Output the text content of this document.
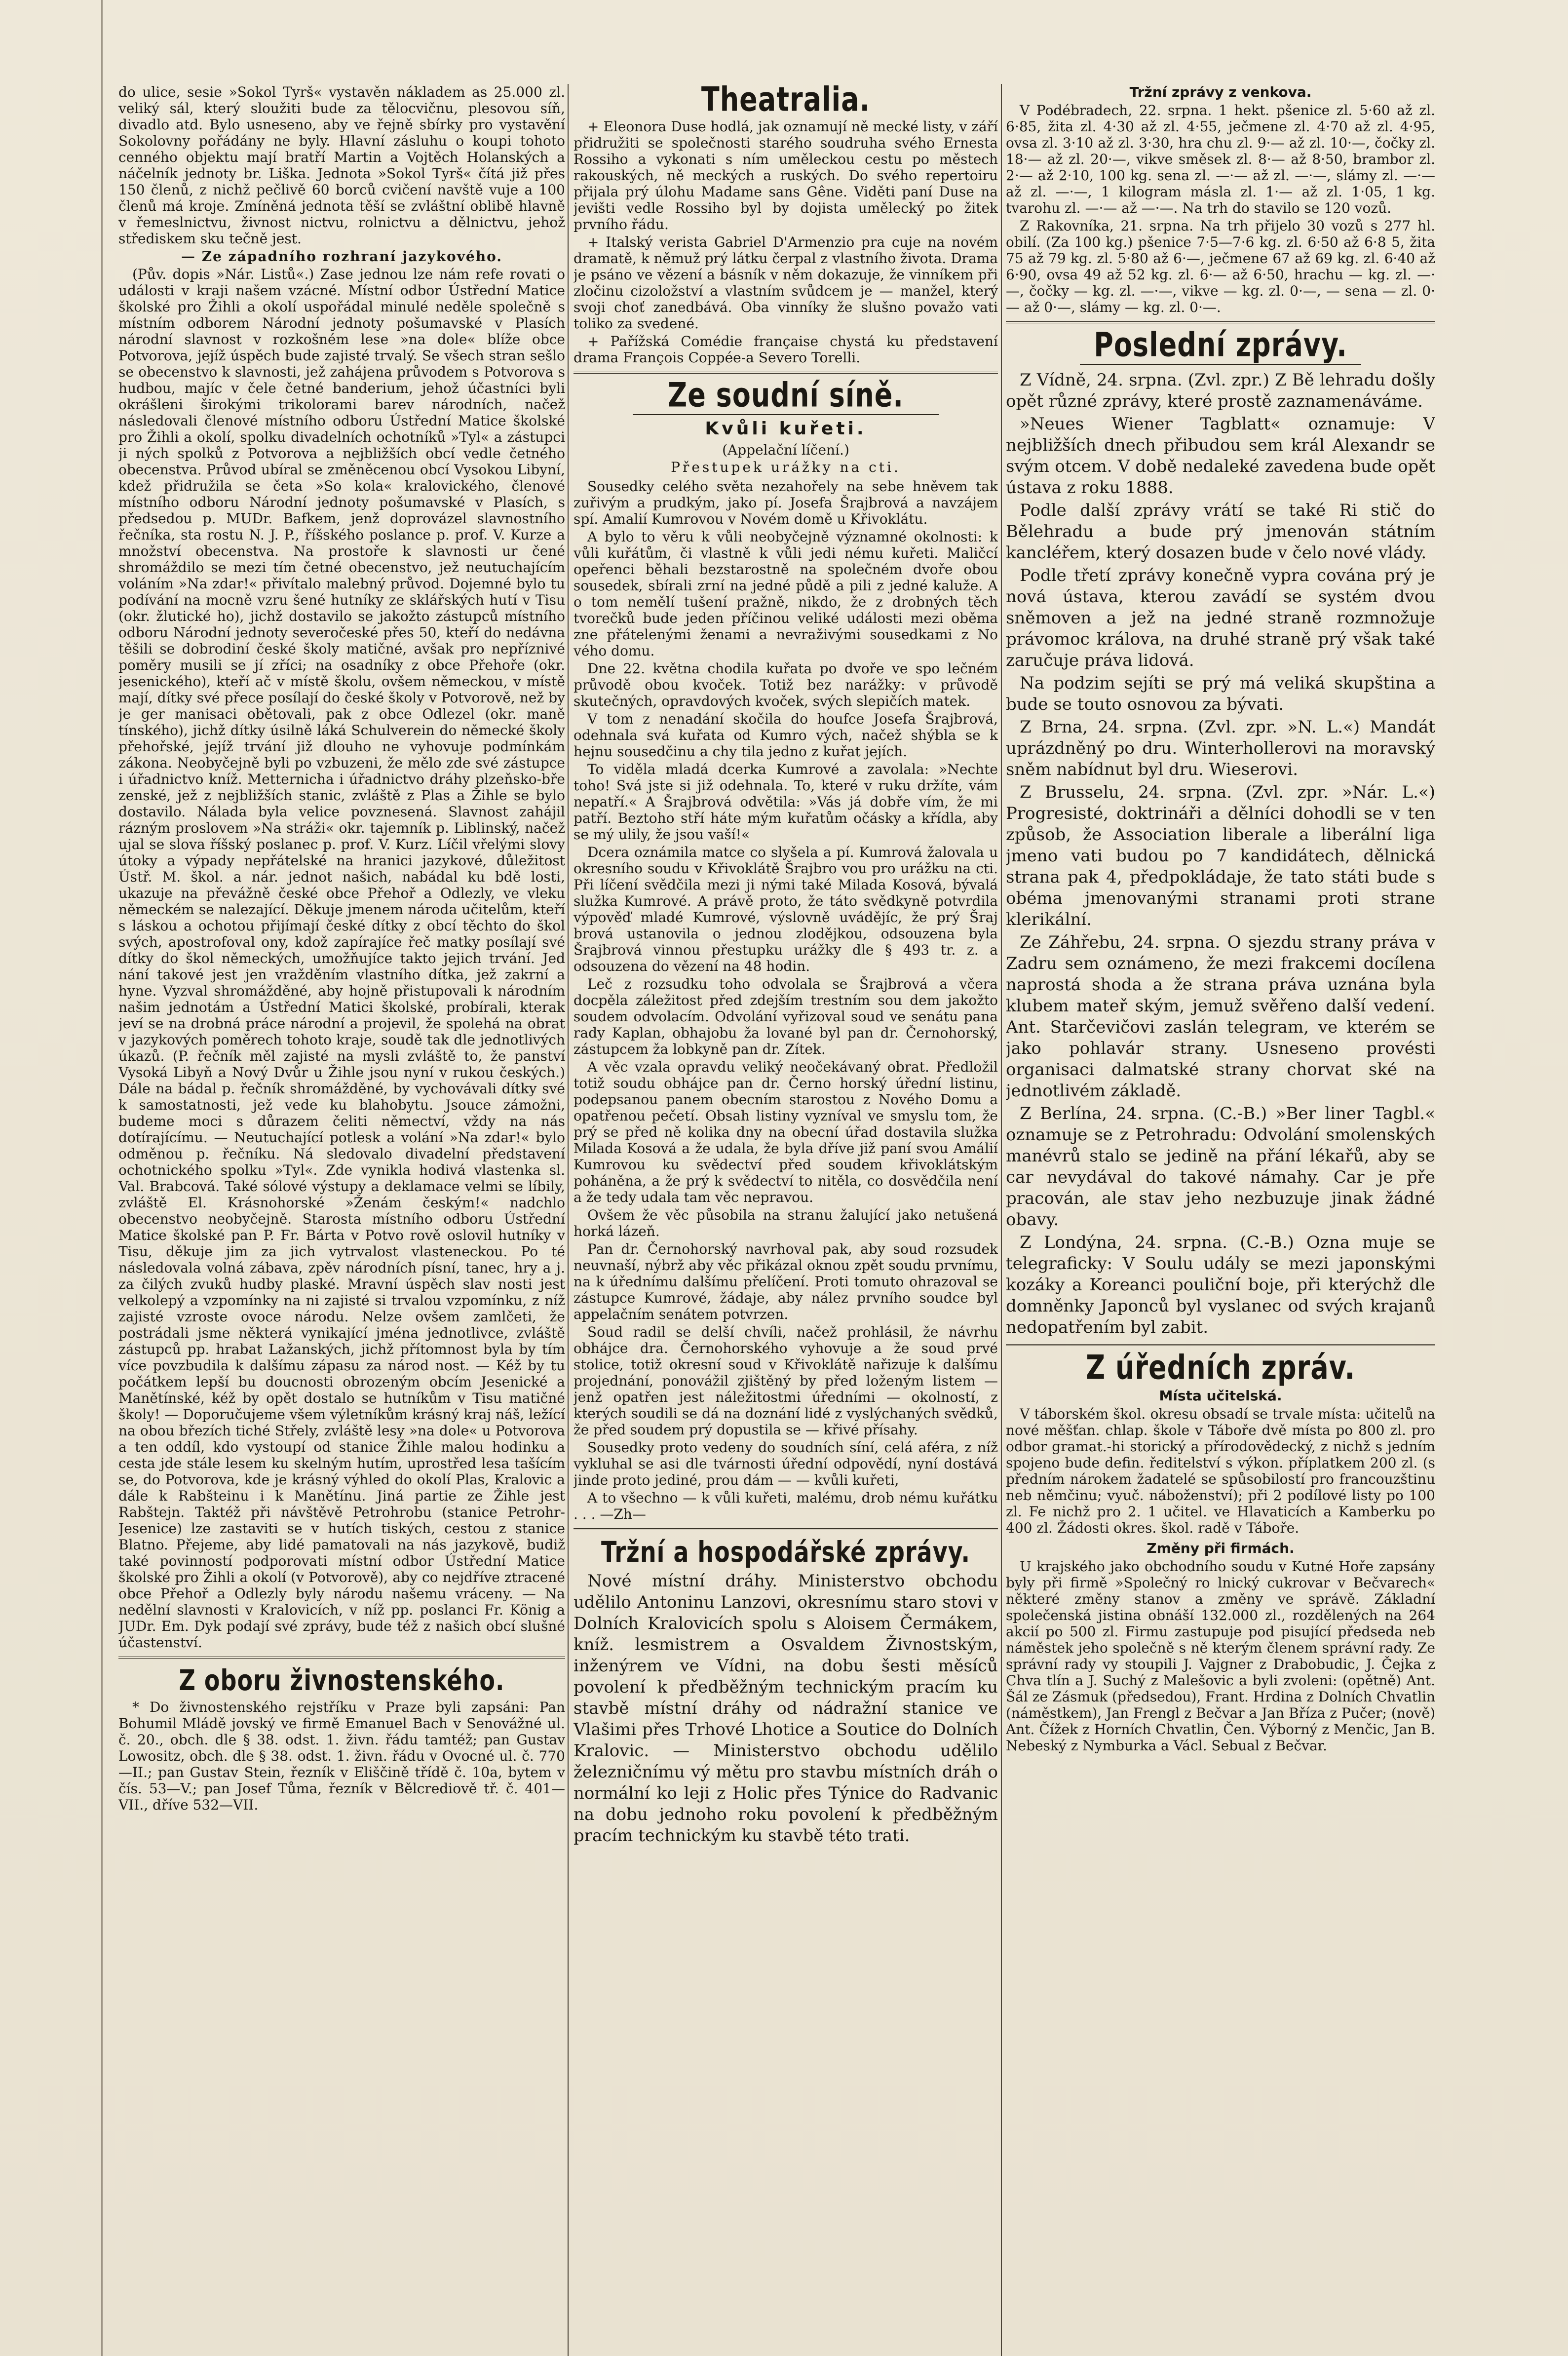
do ulice, sesie »Sokol Tyrš« vystavěn nákladem as 25.000 zl. veliký sál, který sloužiti bude za tělocvičnu, plesovou síň, divadlo atd. Bylo usneseno, aby ve řejně sbírky pro vystavění Sokolovny pořádány ne byly. Hlavní zásluhu o koupi tohoto cenného objektu mají bratří Martin a Vojtěch Holanských a náčelník jednoty br. Liška. Jednota »Sokol Tyrš« čítá již přes 150 členů, z nichž pečlivě 60 borců cvičení navště vuje a 100 členů má kroje. Zmíněná jednota těší se zvláštní oblibě hlavně v řemeslnictvu, živnost nictvu, rolnictvu a dělnictvu, jehož střediskem sku tečně jest.

— Ze západního rozhraní jazykového.

(Pův. dopis »Nár. Listů«.) Zase jednou lze nám refe rovati o události v kraji našem vzácné. Místní odbor Ústřední Matice školské pro Žihli a okolí uspořádal minulé neděle společně s místním odborem Národní jednoty pošumavské v Plasích národní slavnost v rozkošném lese »na dole« blíže obce Potvorova, jejíž úspěch bude zajisté trvalý. Se všech stran sešlo se obecenstvo k slavnosti, jež zahájena průvodem s Potvorova s hudbou, majíc v čele četné banderium, jehož účastníci byli okrášleni širokými trikolorami barev národních, načež následovali členové místního odboru Ústřední Matice školské pro Žihli a okolí, spolku divadelních ochotníků »Tyl« a zástupci ji ných spolků z Potvorova a nejbližších obcí vedle četného obecenstva. Průvod ubíral se změněcenou obcí Vysokou Libyní, kdež přidružila se četa »So kola« kralovického, členové místního odboru Národní jednoty pošumavské v Plasích, s předsedou p. MUDr. Bafkem, jenž doprovázel slavnostního řečníka, sta rostu N. J. P., říšského poslance p. prof. V. Kurze a množství obecenstva. Na prostoře k slavnosti ur čené shromáždilo se mezi tím četné obecenstvo, jež neutuchajícím voláním »Na zdar!« přivítalo malebný průvod. Dojemné bylo tu podívání na mocně vzru šené hutníky ze sklářských hutí v Tisu (okr. žlutické ho), jichž dostavilo se jakožto zástupců místního odboru Národní jednoty severočeské přes 50, kteří do nedávna těšili se dobrodiní české školy matičné, avšak pro nepříznivé poměry musili se jí zříci; na osadníky z obce Přehoře (okr. jesenického), kteří ač v místě školu, ovšem německou, v místě mají, dítky své přece posílají do české školy v Potvorově, než by je ger manisaci obětovali, pak z obce Odlezel (okr. maně tínského), jichž dítky úsilně láká Schulverein do německé školy přehořské, jejíž trvání již dlouho ne vyhovuje podmínkám zákona. Neobyčejně byli po vzbuzeni, že mělo zde své zástupce i úřadnictvo kníž. Metternicha i úřadnictvo dráhy plzeňsko-bře zenské, jež z nejbližších stanic, zvláště z Plas a Žihle se bylo dostavilo. Nálada byla velice povznesená. Slavnost zahájil rázným proslovem »Na stráži« okr. tajemník p. Liblinský, načež ujal se slova říšský poslanec p. prof. V. Kurz. Líčil vřelými slovy útoky a výpady nepřátelské na hranici jazykové, důležitost Ústř. M. škol. a nár. jednot našich, nabádal ku bdě losti, ukazuje na převážně české obce Přehoř a Odlezly, ve vleku německém se nalezající. Děkuje jmenem národa učitelům, kteří s láskou a ochotou přijímají české dítky z obcí těchto do škol svých, apostrofoval ony, kdož zapírajíce řeč matky posílají své dítky do škol německých, umožňujíce takto jejich trvání. Jed nání takové jest jen vražděním vlastního dítka, jež zakrní a hyne. Vyzval shromážděné, aby hojně přistupovali k národním našim jednotám a Ústřední Matici školské, probírali, kterak jeví se na drobná práce národní a projevil, že spolehá na obrat v jazykových poměrech tohoto kraje, soudě tak dle jednotlivých úkazů. (P. řečník měl zajisté na mysli zvláště to, že panství Vysoká Libyň a Nový Dvůr u Žihle jsou nyní v rukou českých.) Dále na bádal p. řečník shromážděné, by vychovávali dítky své k samostatnosti, jež vede ku blahobytu. Jsouce zámožni, budeme moci s důrazem čeliti němectví, vždy na nás dotírajícímu. — Neutuchající potlesk a volání »Na zdar!« bylo odměnou p. řečníku. Ná sledovalo divadelní představení ochotnického spolku »Tyl«. Zde vynikla hodivá vlastenka sl. Val. Brabcová. Také sólové výstupy a deklamace velmi se líbily, zvláště El. Krásnohorské »Ženám českým!« nadchlo obecenstvo neobyčejně. Starosta místního odboru Ústřední Matice školské pan P. Fr. Bárta v Potvo rově oslovil hutníky v Tisu, děkuje jim za jich vytrvalost vlasteneckou. Po té následovala volná zábava, zpěv národních písní, tanec, hry a j. za čilých zvuků hudby plaské. Mravní úspěch slav nosti jest velkolepý a vzpomínky na ni zajisté si trvalou vzpomínku, z níž zajisté vzroste ovoce národu. Nelze ovšem zamlčeti, že postrádali jsme některá vynikající jména jednotlivce, zvláště zástupců pp. hrabat Lažanských, jichž přítomnost byla by tím více povzbudila k dalšímu zápasu za národ nost. — Kéž by tu počátkem lepší bu doucnosti obrozeným obcím Jesenické a Manětínské, kéž by opět dostalo se hutníkům v Tisu matičné školy! — Doporučujeme všem výletníkům krásný kraj náš, ležící na obou březích tiché Střely, zvláště lesy »na dole« u Potvorova a ten oddíl, kdo vystoupí od stanice Žihle malou hodinku a cesta jde stále lesem ku skelným hutím, uprostřed lesa tašícím se, do Potvorova, kde je krásný výhled do okolí Plas, Kralovic a dále k Rabšteinu i k Manětínu. Jiná partie ze Žihle jest Rabštejn. Taktéž při návštěvě Petrohrobu (stanice Petrohr-Jesenice) lze zastaviti se v hutích tiských, cestou z stanice Blatno. Přejeme, aby lidé pamatovali na nás jazykově, budiž také povinností podporovati místní odbor Ústřední Matice školské pro Žihli a okolí (v Potvorově), aby co nejdříve ztracené obce Přehoř a Odlezly byly národu našemu vráceny. — Na nedělní slavnosti v Kralovicích, v níž pp. poslanci Fr. König a JUDr. Em. Dyk podají své zprávy, bude též z našich obcí slušné účastenství.

Z oboru živnostenského.

* Do živnostenského rejstříku v Praze byli zapsáni: Pan Bohumil Mládě jovský ve firmě Emanuel Bach v Senovážné ul. č. 20., obch. dle § 38. odst. 1. živn. řádu tamtéž; pan Gustav Lowositz, obch. dle § 38. odst. 1. živn. řádu v Ovocné ul. č. 770—II.; pan Gustav Stein, řezník v Eliščině třídě č. 10a, bytem v čís. 53—V.; pan Josef Tůma, řezník v Bělcrediově tř. č. 401—VII., dříve 532—VII.

Theatralia.

+ Eleonora Duse hodlá, jak oznamují ně mecké listy, v září přidružiti se společnosti starého soudruha svého Ernesta Rossiho a vykonati s ním uměleckou cestu po městech rakouských, ně meckých a ruských. Do svého repertoiru přijala prý úlohu Madame sans Gêne. Viděti paní Duse na jevišti vedle Rossiho byl by dojista umělecký po žitek prvního řádu.

+ Italský verista Gabriel D'Armenzio pra cuje na novém dramatě, k němuž prý látku čerpal z vlastního života. Drama je psáno ve vězení a básník v něm dokazuje, že vinníkem při zločinu cizoložství a vlastním svůdcem je — manžel, který svoji choť zanedbává. Oba vinníky že slušno považo vati toliko za svedené.

+ Pařížská Comédie française chystá ku představení drama François Coppée-a Severo Torelli.

Ze soudní síně.
Kvůli kuřeti.
(Appelační líčení.)
Přestupek urážky na cti.

Sousedky celého světa nezahořely na sebe hněvem tak zuřivým a prudkým, jako pí. Josefa Šrajbrová a navzájem spí. Amalií Kumrovou v Novém domě u Křivoklátu.

A bylo to věru k vůli neobyčejně významné okolnosti: k vůli kuřátům, či vlastně k vůli jedi nému kuřeti. Maličcí opeřenci běhali bezstarostně na společném dvoře obou sousedek, sbírali zrní na jedné půdě a pili z jedné kaluže. A o tom nemělí tušení pražně, nikdo, že z drobných těch tvorečků bude jeden příčinou veliké události mezi oběma zne přátelenými ženami a nevraživými sousedkami z No vého domu.

Dne 22. května chodila kuřata po dvoře ve spo lečném průvodě obou kvoček. Totiž bez narážky: v průvodě skutečných, opravdových kvoček, svých slepičích matek.

V tom z nenadání skočila do houfce Josefa Šrajbrová, odehnala svá kuřata od Kumro vých, načež shýbla se k hejnu sousedčinu a chy tila jedno z kuřat jejích.

To viděla mladá dcerka Kumrové a zavolala: »Nechte toho! Svá jste si již odehnala. To, které v ruku držíte, vám nepatří.« A Šrajbrová odvětila: »Vás já dobře vím, že mi patří. Beztoho stří háte mým kuřatům očásky a křídla, aby se mý ulily, že jsou vaší!«

Dcera oznámila matce co slyšela a pí. Kumrová žalovala u okresního soudu v Křivoklátě Šrajbro vou pro urážku na cti. Při líčení svědčila mezi ji nými také Milada Kosová, bývalá služka Kumrové. A právě proto, že táto svědkyně potvrdila výpověď mladé Kumrové, výslovně uvádějíc, že prý Šraj brová ustanovila o jednou zlodějkou, odsouzena byla Šrajbrová vinnou přestupku urážky dle § 493 tr. z. a odsouzena do vězení na 48 hodin.

Leč z rozsudku toho odvolala se Šrajbrová a včera docpěla záležitost před zdejším trestním sou dem jakožto soudem odvolacím. Odvolání vyřizoval soud ve senátu pana rady Kaplan, obhajobu ža lované byl pan dr. Černohorský, zástupcem ža lobkyně pan dr. Zítek.

A věc vzala opravdu veliký neočekávaný obrat. Předložil totiž soudu obhájce pan dr. Černo horský úřední listinu, podepsanou panem obecním starostou z Nového Domu a opatřenou pečetí. Obsah listiny vyzníval ve smyslu tom, že prý se před ně kolika dny na obecní úřad dostavila služka Milada Kosová a že udala, že byla dříve již paní svou Amálií Kumrovou ku svědectví před soudem křivoklátským poháněna, a že prý k svědectví to nitěla, co dosvědčila není a že tedy udala tam věc nepravou.

Ovšem že věc působila na stranu žalující jako netušená horká lázeň.

Pan dr. Černohorský navrhoval pak, aby soud rozsudek neuvnaší, nýbrž aby věc přikázal oknou zpět soudu prvnímu, na k úřednímu dalšímu přelíčení. Proti tomuto ohrazoval se zástupce Kumrové, žádaje, aby nález prvního soudce byl appelačním senátem potvrzen.

Soud radil se delší chvíli, načež prohlásil, že návrhu obhájce dra. Černohorského vyhovuje a že soud prvé stolice, totiž okresní soud v Křivoklátě nařizuje k dalšímu projednání, ponovážil zjištěný by před loženým listem — jenž opatřen jest náležitostmi úředními — okolností, z kterých soudili se dá na doznání lidé z vyslýchaných svědků, že před soudem prý dopustila se — křivé přísahy.

Sousedky proto vedeny do soudních síní, celá aféra, z níž vykluhal se asi dle tvárnosti úřední odpovědí, nyní dostává jinde proto jediné, prou dám — — kvůli kuřeti,

A to všechno — k vůli kuřeti, malému, drob nému kuřátku . . . —Zh—

Tržní a hospodářské zprávy.

Nové místní dráhy. Ministerstvo obchodu udělilo Antoninu Lanzovi, okresnímu staro stovi v Dolních Kralovicích spolu s Aloisem Čermákem, kníž. lesmistrem a Osvaldem Živnostským, inženýrem ve Vídni, na dobu šesti měsíců povolení k předběžným technickým pracím ku stavbě místní dráhy od nádražní stanice ve Vlašimi přes Trhové Lhotice a Soutice do Dolních Kralovic. — Ministerstvo obchodu udělilo železničnímu vý mětu pro stavbu místních dráh o normální ko leji z Holic přes Týnice do Radvanic na dobu jednoho roku povolení k předběžným pracím technickým ku stavbě této trati.

Tržní zprávy z venkova.

V Podébradech, 22. srpna. 1 hekt. pšenice zl. 5·60 až zl. 6·85, žita zl. 4·30 až zl. 4·55, ječmene zl. 4·70 až zl. 4·95, ovsa zl. 3·10 až zl. 3·30, hra chu zl. 9·— až zl. 10·—, čočky zl. 18·— až zl. 20·—, vikve směsek zl. 8·— až 8·50, brambor zl. 2·— až 2·10, 100 kg. sena zl. —·— až zl. —·—, slámy zl. —·— až zl. —·—, 1 kilogram másla zl. 1·— až zl. 1·05, 1 kg. tvarohu zl. —·— až —·—. Na trh do stavilo se 120 vozů.

Z Rakovníka, 21. srpna. Na trh přijelo 30 vozů s 277 hl. obilí. (Za 100 kg.) pšenice 7·5—7·6 kg. zl. 6·50 až 6·8 5, žita 75 až 79 kg. zl. 5·80 až 6·—, ječmene 67 až 69 kg. zl. 6·40 až 6·90, ovsa 49 až 52 kg. zl. 6·— až 6·50, hrachu — kg. zl. —·—, čočky — kg. zl. —·—, vikve — kg. zl. 0·—, — sena — zl. 0·— až 0·—, slámy — kg. zl. 0·—.

Poslední zprávy.

Z Vídně, 24. srpna. (Zvl. zpr.) Z Bě lehradu došly opět různé zprávy, které prostě zaznamenáváme.

»Neues Wiener Tagblatt« oznamuje: V nejbližších dnech přibudou sem král Alexandr se svým otcem. V době nedaleké zavedena bude opět ústava z roku 1888.

Podle další zprávy vrátí se také Ri stič do Bělehradu a bude prý jmenován státním kancléřem, který dosazen bude v čelo nové vlády.

Podle třetí zprávy konečně vypra cována prý je nová ústava, kterou zavádí se systém dvou sněmoven a jež na jedné straně rozmnožuje právomoc králova, na druhé straně prý však také zaručuje práva lidová.

Na podzim sejíti se prý má veliká skupština a bude se touto osnovou za bývati.

Z Brna, 24. srpna. (Zvl. zpr. »N. L.«) Mandát uprázdněný po dru. Winterhollerovi na moravský sněm nabídnut byl dru. Wieserovi.

Z Brusselu, 24. srpna. (Zvl. zpr. »Nár. L.«) Progresisté, doktrináři a dělníci dohodli se v ten způsob, že Association liberale a liberální liga jmeno vati budou po 7 kandidátech, dělnická strana pak 4, předpokládaje, že tato státi bude s obéma jmenovanými stranami proti strane klerikální.

Ze Záhřebu, 24. srpna. O sjezdu strany práva v Zadru sem oznámeno, že mezi frakcemi docílena naprostá shoda a že strana práva uznána byla klubem mateř ským, jemuž svěřeno další vedení. Ant. Starčevičovi zaslán telegram, ve kterém se jako pohlavár strany. Usneseno provésti organisaci dalmatské strany chorvat ské na jednotlivém základě.

Z Berlína, 24. srpna. (C.-B.) »Ber liner Tagbl.« oznamuje se z Petrohradu: Odvolání smolenských manévrů stalo se jedině na přání lékařů, aby se car nevydával do takové námahy. Car je pře pracován, ale stav jeho nezbuzuje jinak žádné obavy.

Z Londýna, 24. srpna. (C.-B.) Ozna muje se telegraficky: V Soulu udály se mezi japonskými kozáky a Koreanci pouliční boje, při kterýchž dle domněnky Japonců byl vyslanec od svých krajanů nedopatřením byl zabit.

Z úředních zpráv.
Místa učitelská.

V táborském škol. okresu obsadí se trvale místa: učitelů na nové měšťan. chlap. škole v Táboře dvě místa po 800 zl. pro odbor gramat.-hi storický a přírodovědecký, z nichž s jedním spojeno bude defin. ředitelství s výkon. příplatkem 200 zl. (s předním nárokem žadatelé se spůsobilostí pro francouzštinu neb němčinu; vyuč. náboženství); při 2 podílové listy po 100 zl. Fe nichž pro 2. 1 učitel. ve Hlavaticích a Kamberku po 400 zl. Žádosti okres. škol. radě v Táboře.

Změny při firmách.

U krajského jako obchodního soudu v Kutné Hoře zapsány byly při firmě »Společný ro lnický cukrovar v Bečvarech« některé změny stanov a změny ve správě. Základní společenská jistina obnáší 132.000 zl., rozdělených na 264 akcií po 500 zl. Firmu zastupuje pod pisující předseda neb náměstek jeho společně s ně kterým členem správní rady. Ze správní rady vy stoupili J. Vajgner z Drabobudic, J. Čejka z Chva tlín a J. Suchý z Malešovic a byli zvoleni: (opětně) Ant. Šál ze Zásmuk (předsedou), Frant. Hrdina z Dolních Chvatlin (náměstkem), Jan Frengl z Bečvar a Jan Bříza z Pučer; (nově) Ant. Čížek z Horních Chvatlin, Čen. Výborný z Menčic, Jan B. Nebeský z Nymburka a Václ. Sebual z Bečvar.
